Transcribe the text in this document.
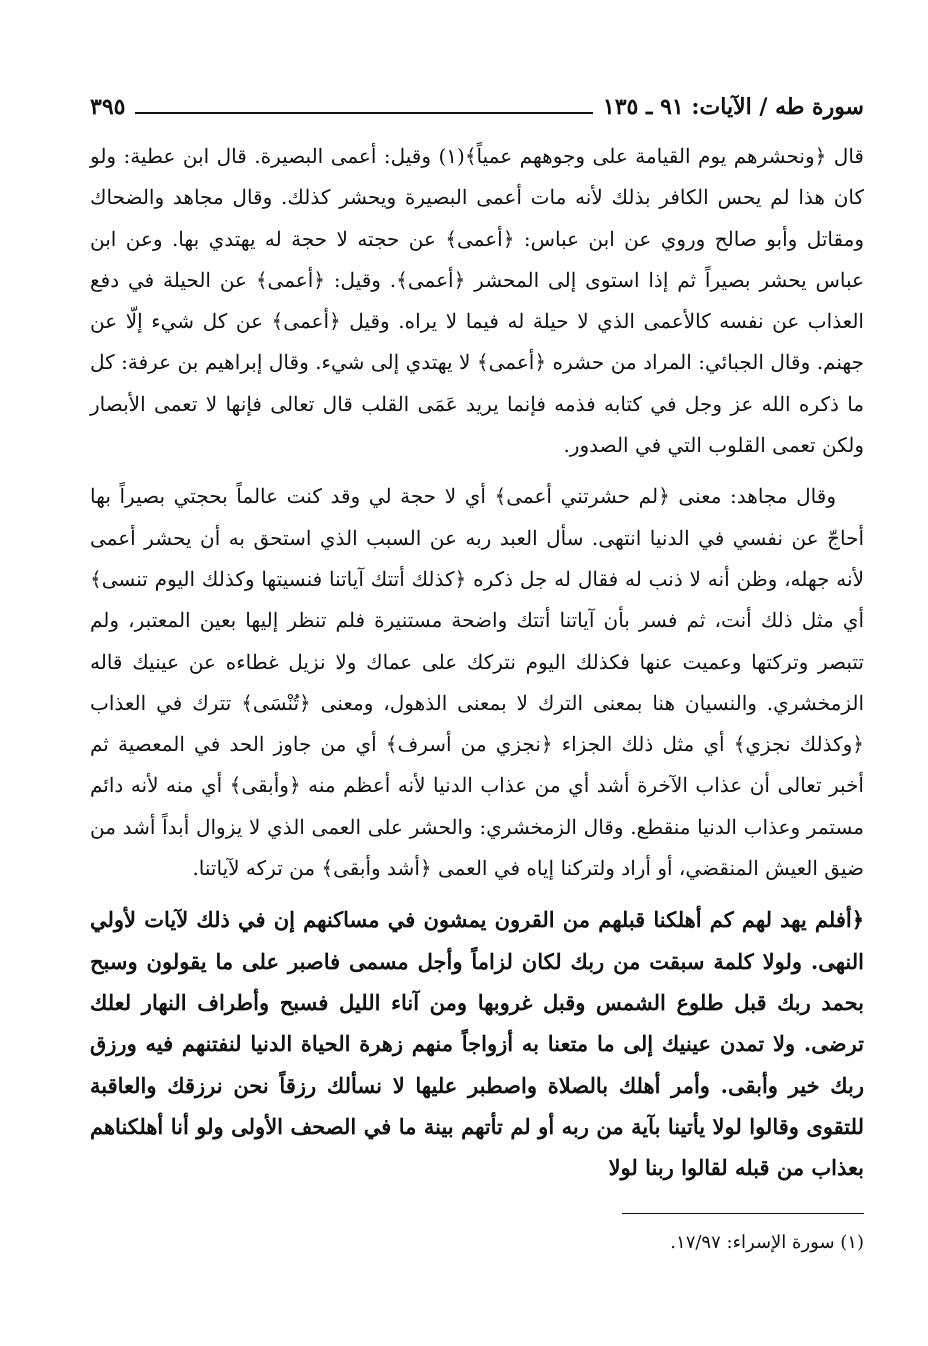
سورة طه / الآيات: ٩١ ـ ١٣٥
٣٩٥

قال ﴿ونحشرهم يوم القيامة على وجوههم عمياً﴾(١) وقيل: أعمى البصيرة. قال ابن عطية: ولو كان هذا لم يحس الكافر بذلك لأنه مات أعمى البصيرة ويحشر كذلك. وقال مجاهد والضحاك ومقاتل وأبو صالح وروي عن ابن عباس: ﴿أعمى﴾ عن حجته لا حجة له يهتدي بها. وعن ابن عباس يحشر بصيراً ثم إذا استوى إلى المحشر ﴿أعمى﴾. وقيل: ﴿أعمى﴾ عن الحيلة في دفع العذاب عن نفسه كالأعمى الذي لا حيلة له فيما لا يراه. وقيل ﴿أعمى﴾ عن كل شيء إلّا عن جهنم. وقال الجبائي: المراد من حشره ﴿أعمى﴾ لا يهتدي إلى شيء. وقال إبراهيم بن عرفة: كل ما ذكره الله عز وجل في كتابه فذمه فإنما يريد عَمَى القلب قال تعالى فإنها لا تعمى الأبصار ولكن تعمى القلوب التي في الصدور.

وقال مجاهد: معنى ﴿لم حشرتني أعمى﴾ أي لا حجة لي وقد كنت عالماً بحجتي بصيراً بها أحاجّ عن نفسي في الدنيا انتهى. سأل العبد ربه عن السبب الذي استحق به أن يحشر أعمى لأنه جهله، وظن أنه لا ذنب له فقال له جل ذكره ﴿كذلك أتتك آياتنا فنسيتها وكذلك اليوم تنسى﴾ أي مثل ذلك أنت، ثم فسر بأن آياتنا أتتك واضحة مستنيرة فلم تنظر إليها بعين المعتبر، ولم تتبصر وتركتها وعميت عنها فكذلك اليوم نتركك على عماك ولا نزيل غطاءه عن عينيك قاله الزمخشري. والنسيان هنا بمعنى الترك لا بمعنى الذهول، ومعنى ﴿تُنْسَى﴾ تترك في العذاب ﴿وكذلك نجزي﴾ أي مثل ذلك الجزاء ﴿نجزي من أسرف﴾ أي من جاوز الحد في المعصية ثم أخبر تعالى أن عذاب الآخرة أشد أي من عذاب الدنيا لأنه أعظم منه ﴿وأبقى﴾ أي منه لأنه دائم مستمر وعذاب الدنيا منقطع. وقال الزمخشري: والحشر على العمى الذي لا يزوال أبداً أشد من ضيق العيش المنقضي، أو أراد ولتركنا إياه في العمى ﴿أشد وأبقى﴾ من تركه لآياتنا.

﴿أفلم يهد لهم كم أهلكنا قبلهم من القرون يمشون في مساكنهم إن في ذلك لآيات لأولي النهى. ولولا كلمة سبقت من ربك لكان لزاماً وأجل مسمى فاصبر على ما يقولون وسبح بحمد ربك قبل طلوع الشمس وقبل غروبها ومن آناء الليل فسبح وأطراف النهار لعلك ترضى. ولا تمدن عينيك إلى ما متعنا به أزواجاً منهم زهرة الحياة الدنيا لنفتنهم فيه ورزق ربك خير وأبقى. وأمر أهلك بالصلاة واصطبر عليها لا نسألك رزقاً نحن نرزقك والعاقبة للتقوى وقالوا لولا يأتينا بآية من ربه أو لم تأتهم بينة ما في الصحف الأولى ولو أنا أهلكناهم بعذاب من قبله لقالوا ربنا لولا

(١) سورة الإسراء: ١٧/٩٧.
